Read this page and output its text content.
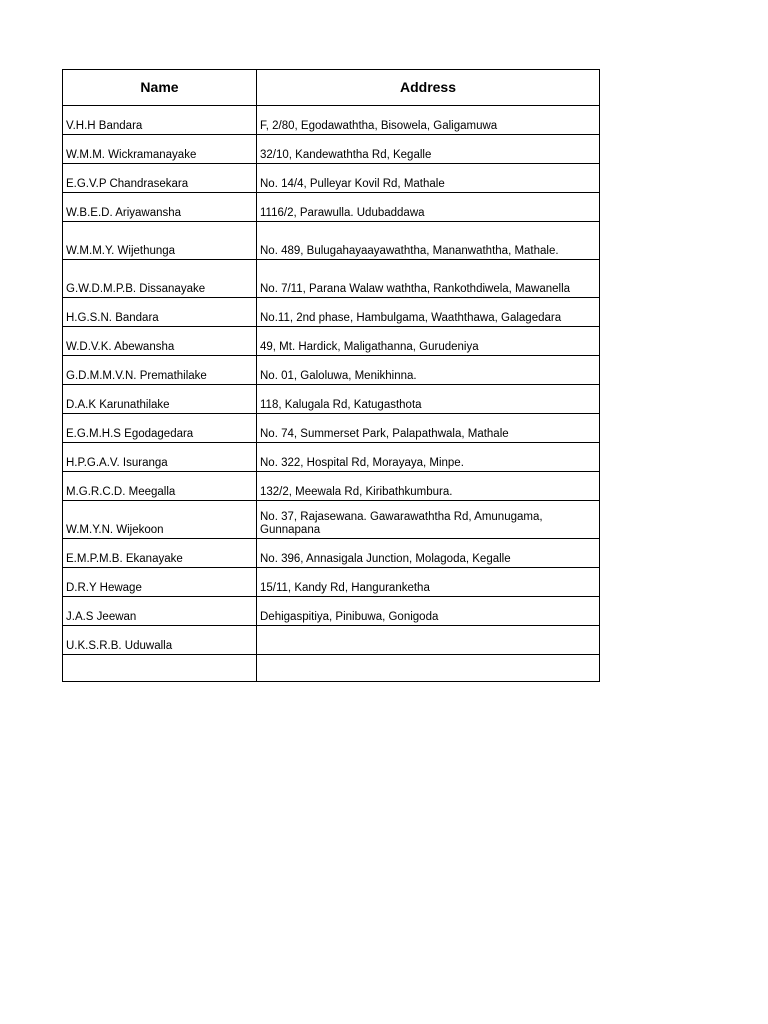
Name	Address
V.H.H Bandara	F, 2/80, Egodawaththa, Bisowela, Galigamuwa
W.M.M. Wickramanayake	32/10, Kandewaththa Rd, Kegalle
E.G.V.P Chandrasekara	No. 14/4, Pulleyar Kovil Rd, Mathale
W.B.E.D. Ariyawansha	1116/2, Parawulla. Udubaddawa
W.M.M.Y. Wijethunga	No. 489, Bulugahayaayawaththa, Mananwaththa, Mathale.
G.W.D.M.P.B. Dissanayake	No. 7/11, Parana Walaw waththa, Rankothdiwela, Mawanella
H.G.S.N. Bandara	No.11, 2nd phase, Hambulgama, Waaththawa, Galagedara
W.D.V.K. Abewansha	49, Mt. Hardick, Maligathanna, Gurudeniya
G.D.M.M.V.N. Premathilake	No. 01, Galoluwa, Menikhinna.
D.A.K Karunathilake	118, Kalugala Rd, Katugasthota
E.G.M.H.S Egodagedara	No. 74, Summerset Park, Palapathwala, Mathale
H.P.G.A.V. Isuranga	No. 322, Hospital Rd, Morayaya, Minpe.
M.G.R.C.D. Meegalla	132/2, Meewala Rd, Kiribathkumbura.
W.M.Y.N. Wijekoon	No. 37, Rajasewana. Gawarawaththa Rd, Amunugama, Gunnapana
E.M.P.M.B. Ekanayake	No. 396, Annasigala Junction, Molagoda, Kegalle
D.R.Y Hewage	15/11, Kandy Rd, Hanguranketha
J.A.S Jeewan	Dehigaspitiya, Pinibuwa, Gonigoda
U.K.S.R.B. Uduwalla	
